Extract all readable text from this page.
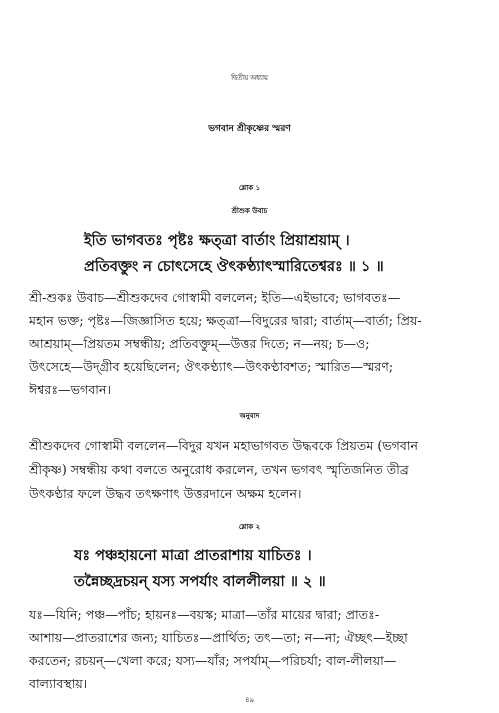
দ্বিতীয় অধ্যায়
ভগবান শ্রীকৃষ্ণের স্মরণ
শ্লোক ১
শ্রীশুক উবাচ
ইতি ভাগবতঃ পৃষ্টঃ ক্ষত্ত্রা বার্তাং প্রিয়াশ্রয়াম্ ।
প্রতিবক্তুং ন চোৎসেহে ঔৎকণ্ঠ্যাৎস্মারিতেশ্বরঃ ॥ ১ ॥
শ্রী-শুকঃ উবাচ—শ্রীশুকদেব গোস্বামী বললেন; ইতি—এইভাবে; ভাগবতঃ—
মহান ভক্ত; পৃষ্টঃ—জিজ্ঞাসিত হয়ে; ক্ষত্ত্রা—বিদুরের দ্বারা; বার্তাম্—বার্তা; প্রিয়-
আশ্রয়াম্—প্রিয়তম সম্বন্ধীয়; প্রতিবক্তুম্—উত্তর দিতে; ন—নয়; চ—ও;
উৎসেহে—উদ্গ্রীব হয়েছিলেন; ঔৎকণ্ঠ্যাৎ—উৎকণ্ঠাবশত; স্মারিত—স্মরণ;
ঈশ্বরঃ—ভগবান।
অনুবাদ
শ্রীশুকদেব গোস্বামী বললেন—বিদুর যখন মহাভাগবত উদ্ধবকে প্রিয়তম (ভগবান
শ্রীকৃষ্ণ) সম্বন্ধীয় কথা বলতে অনুরোধ করলেন, তখন ভগবৎ স্মৃতিজনিত তীব্র
উৎকণ্ঠার ফলে উদ্ধব তৎক্ষণাৎ উত্তরদানে অক্ষম হলেন।
শ্লোক ২
যঃ পঞ্চহায়নো মাত্রা প্রাতরাশায় যাচিতঃ ।
তন্নৈচ্ছদ্রচয়ন্ যস্য সপর্যাং বাললীলয়া ॥ ২ ॥
যঃ—যিনি; পঞ্চ—পাঁচ; হায়নঃ—বয়স্ক; মাত্রা—তাঁর মায়ের দ্বারা; প্রাতঃ-
আশায়—প্রাতরাশের জন্য; যাচিতঃ—প্রার্থিত; তৎ—তা; ন—না; ঐচ্ছৎ—ইচ্ছা
করতেন; রচয়ন্—খেলা করে; যস্য—যাঁর; সপর্যাম্—পরিচর্যা; বাল-লীলয়া—
বাল্যাবস্থায়।
৪৯
